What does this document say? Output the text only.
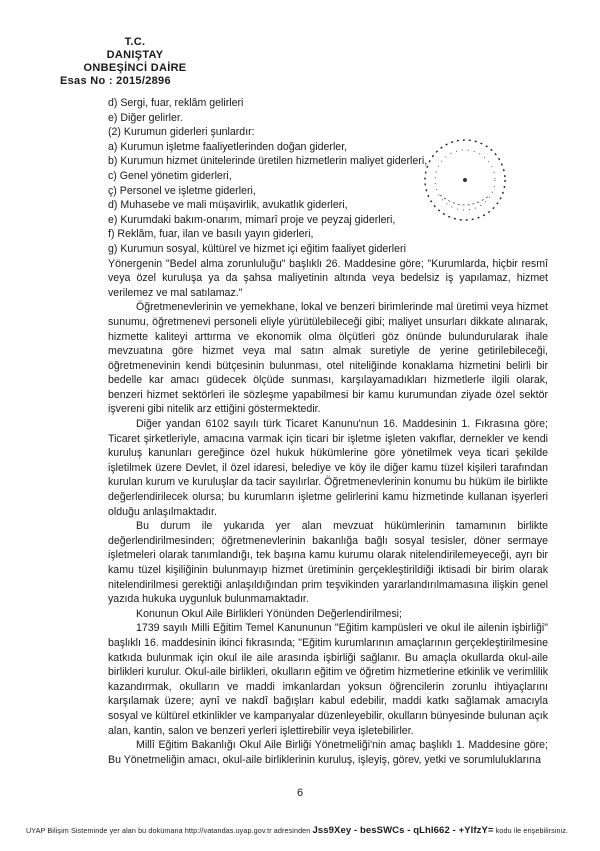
T.C.
DANIŞTAY
ONBEŞİNCİ DAİRE
Esas No : 2015/2896
d) Sergi, fuar, reklâm gelirleri
e) Diğer gelirler.
(2) Kurumun giderleri şunlardır:
a) Kurumun işletme faaliyetlerinden doğan giderler,
b) Kurumun hizmet ünitelerinde üretilen hizmetlerin maliyet giderleri,
c) Genel yönetim giderleri,
ç) Personel ve işletme giderleri,
d) Muhasebe ve mali müşavirlik, avukatlık giderleri,
e) Kurumdaki bakım-onarım, mimarî proje ve peyzaj giderleri,
f) Reklâm, fuar, ilan ve basılı yayın giderleri,
g) Kurumun sosyal, kültürel ve hizmet içi eğitim faaliyet giderleri

Yönergenin "Bedel alma zorunluluğu" başlıklı 26. Maddesine göre; "Kurumlarda, hiçbir resmî veya özel kuruluşa ya da şahsa maliyetinin altında veya bedelsiz iş yapılamaz, hizmet verilemez ve mal satılamaz."

Öğretmenevlerinin ve yemekhane, lokal ve benzeri birimlerinde mal üretimi veya hizmet sunumu, öğretmenevi personeli eliyle yürütülebileceği gibi; maliyet unsurları dikkate alınarak, hizmette kaliteyi arttırma ve ekonomik olma ölçütleri göz önünde bulundurularak ihale mevzuatına göre hizmet veya mal satın almak suretiyle de yerine getirilebileceği, öğretmenevinin kendi bütçesinin bulunması, otel niteliğinde konaklama hizmetini belirli bir bedelle kar amacı güdecek ölçüde sunması, karşılayamadıkları hizmetlerle ilgili olarak, benzeri hizmet sektörleri ile sözleşme yapabilmesi bir kamu kurumundan ziyade özel sektör işvereni gibi nitelik arz ettiğini göstermektedir.

Diğer yandan 6102 sayılı türk Ticaret Kanunu'nun 16. Maddesinin 1. Fıkrasına göre; Ticaret şirketleriyle, amacına varmak için ticari bir işletme işleten vakıflar, dernekler ve kendi kuruluş kanunları gereğince özel hukuk hükümlerine göre yönetilmek veya ticari şekilde işletilmek üzere Devlet, il özel idaresi, belediye ve köy ile diğer kamu tüzel kişileri tarafından kurulan kurum ve kuruluşlar da tacir sayılırlar. Öğretmenevlerinin konumu bu hüküm ile birlikte değerlendirilecek olursa; bu kurumların işletme gelirlerini kamu hizmetinde kullanan işyerleri olduğu anlaşılmaktadır.

Bu durum ile yukarıda yer alan mevzuat hükümlerinin tamamının birlikte değerlendirilmesinden; öğretmenevlerinin bakanlığa bağlı sosyal tesisler, döner sermaye işletmeleri olarak tanımlandığı, tek başına kamu kurumu olarak nitelendirilemeyeceği, ayrı bir kamu tüzel kişiliğinin bulunmayıp hizmet üretiminin gerçekleştirildiği iktisadi bir birim olarak nitelendirilmesi gerektiği anlaşıldığından prim teşvikinden yararlandırılmamasına ilişkin genel yazıda hukuka uygunluk bulunmamaktadır.

Konunun Okul Aile Birlikleri Yönünden Değerlendirilmesi;

1739 sayılı Milli Eğitim Temel Kanununun "Eğitim kampüsleri ve okul ile ailenin işbirliği" başlıklı 16. maddesinin ikinci fıkrasında; "Eğitim kurumlarının amaçlarının gerçekleştirilmesine katkıda bulunmak için okul ile aile arasında işbirliği sağlanır. Bu amaçla okullarda okul-aile birlikleri kurulur. Okul-aile birlikleri, okulların eğitim ve öğretim hizmetlerine etkinlik ve verimlilik kazandırmak, okulların ve maddi imkanlardan yoksun öğrencilerin zorunlu ihtiyaçlarını karşılamak üzere; aynî ve nakdî bağışları kabul edebilir, maddi katkı sağlamak amacıyla sosyal ve kültürel etkinlikler ve kampanyalar düzenleyebilir, okulların bünyesinde bulunan açık alan, kantin, salon ve benzeri yerleri işlettirebilir veya işletebilirler.

Millî Eğitim Bakanlığı Okul Aile Birliği Yönetmeliği'nin amaç başlıklı 1. Maddesine göre; Bu Yönetmeliğin amacı, okul-aile birliklerinin kuruluş, işleyiş, görev, yetki ve sorumluluklarına

6
UYAP Bilişim Sisteminde yer alan bu dokümana http://vatandas.uyap.gov.tr adresinden Jss9Xey - besSWCs - qLhl662 - +YlfzY= kodu ile erişebilirsiniz.
